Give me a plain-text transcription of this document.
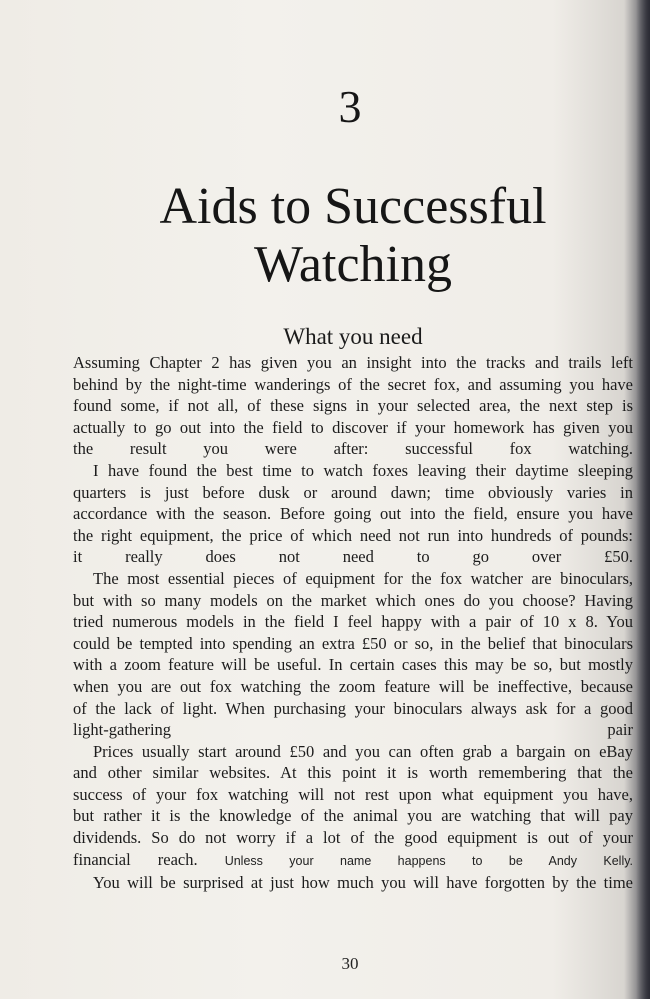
3
Aids to Successful
Watching
What you need
Assuming Chapter 2 has given you an insight into the tracks and trails left
behind by the night-time wanderings of the secret fox, and assuming you have
found some, if not all, of these signs in your selected area, the next step is
actually to go out into the field to discover if your homework has given you
the result you were after: successful fox watching.
I have found the best time to watch foxes leaving their daytime sleeping
quarters is just before dusk or around dawn; time obviously varies in
accordance with the season. Before going out into the field, ensure you have
the right equipment, the price of which need not run into hundreds of pounds:
it really does not need to go over £50.
The most essential pieces of equipment for the fox watcher are binoculars,
but with so many models on the market which ones do you choose? Having
tried numerous models in the field I feel happy with a pair of 10 x 8. You
could be tempted into spending an extra £50 or so, in the belief that binoculars
with a zoom feature will be useful. In certain cases this may be so, but mostly
when you are out fox watching the zoom feature will be ineffective, because
of the lack of light. When purchasing your binoculars always ask for a good
light-gathering pair
Prices usually start around £50 and you can often grab a bargain on eBay
and other similar websites. At this point it is worth remembering that the
success of your fox watching will not rest upon what equipment you have,
but rather it is the knowledge of the animal you are watching that will pay
dividends. So do not worry if a lot of the good equipment is out of your
financial reach. Unless your name happens to be Andy Kelly.
You will be surprised at just how much you will have forgotten by the time
30
